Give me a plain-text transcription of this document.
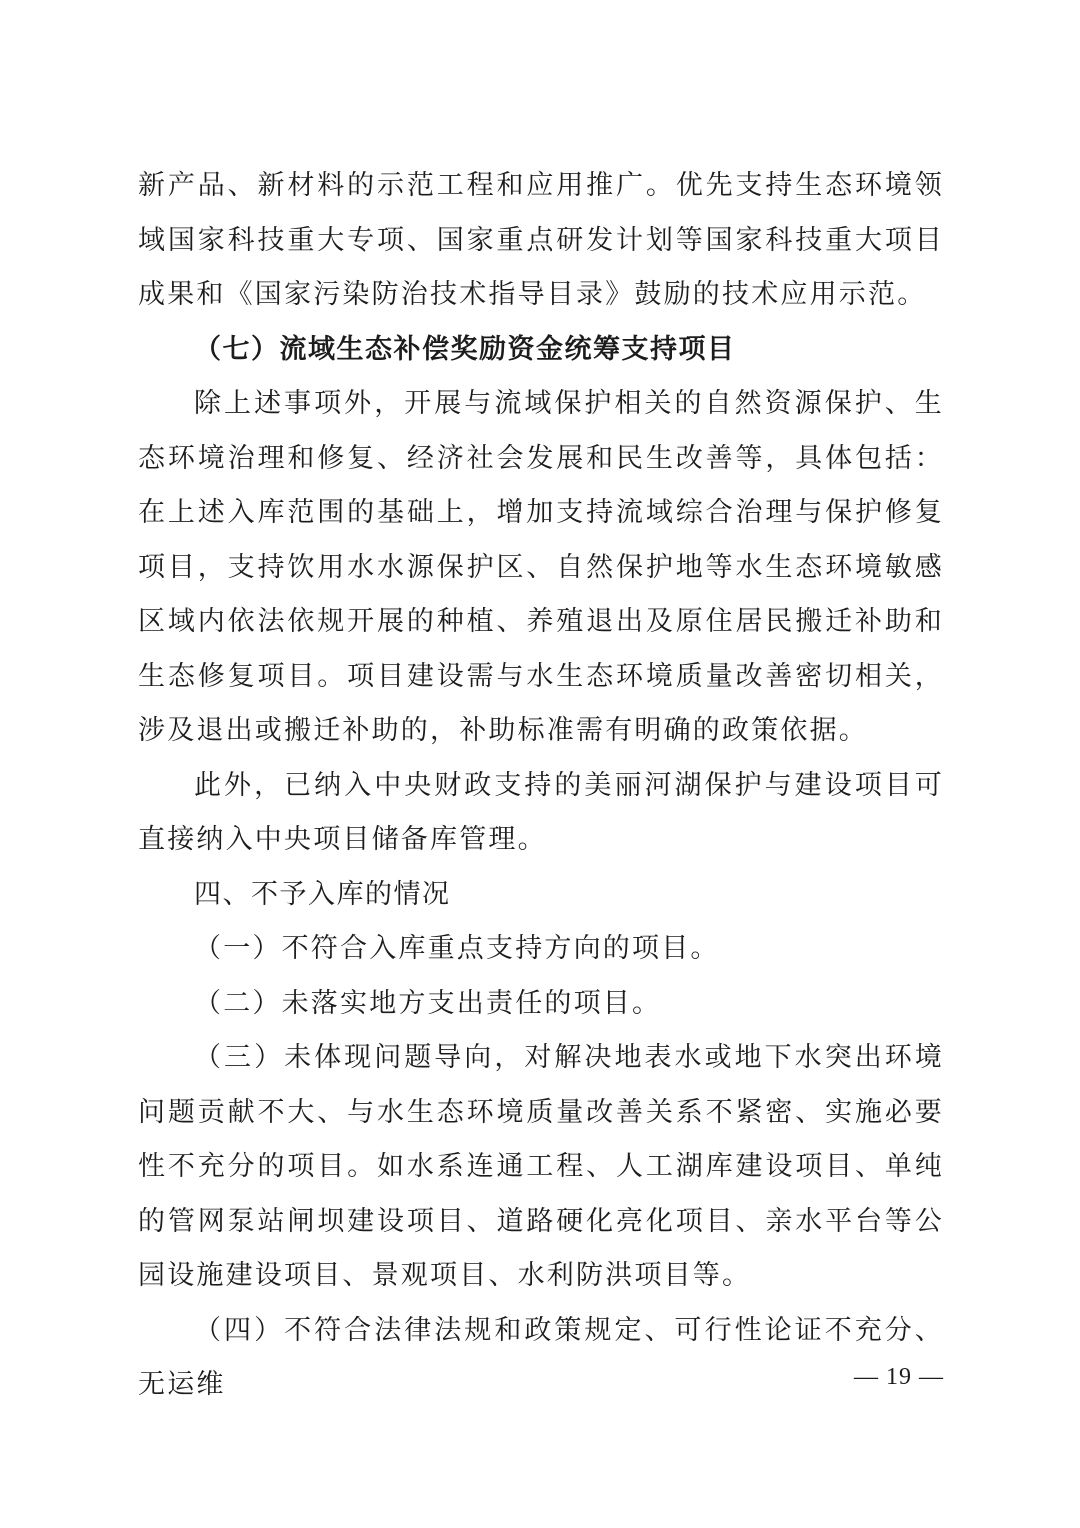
新产品、新材料的示范工程和应用推广。优先支持生态环境领域国家科技重大专项、国家重点研发计划等国家科技重大项目成果和《国家污染防治技术指导目录》鼓励的技术应用示范。

（七）流域生态补偿奖励资金统筹支持项目

除上述事项外，开展与流域保护相关的自然资源保护、生态环境治理和修复、经济社会发展和民生改善等，具体包括：在上述入库范围的基础上，增加支持流域综合治理与保护修复项目，支持饮用水水源保护区、自然保护地等水生态环境敏感区域内依法依规开展的种植、养殖退出及原住居民搬迁补助和生态修复项目。项目建设需与水生态环境质量改善密切相关，涉及退出或搬迁补助的，补助标准需有明确的政策依据。

此外，已纳入中央财政支持的美丽河湖保护与建设项目可直接纳入中央项目储备库管理。

四、不予入库的情况

（一）不符合入库重点支持方向的项目。

（二）未落实地方支出责任的项目。

（三）未体现问题导向，对解决地表水或地下水突出环境问题贡献不大、与水生态环境质量改善关系不紧密、实施必要性不充分的项目。如水系连通工程、人工湖库建设项目、单纯的管网泵站闸坝建设项目、道路硬化亮化项目、亲水平台等公园设施建设项目、景观项目、水利防洪项目等。

（四）不符合法律法规和政策规定、可行性论证不充分、无运维	— 19 —
